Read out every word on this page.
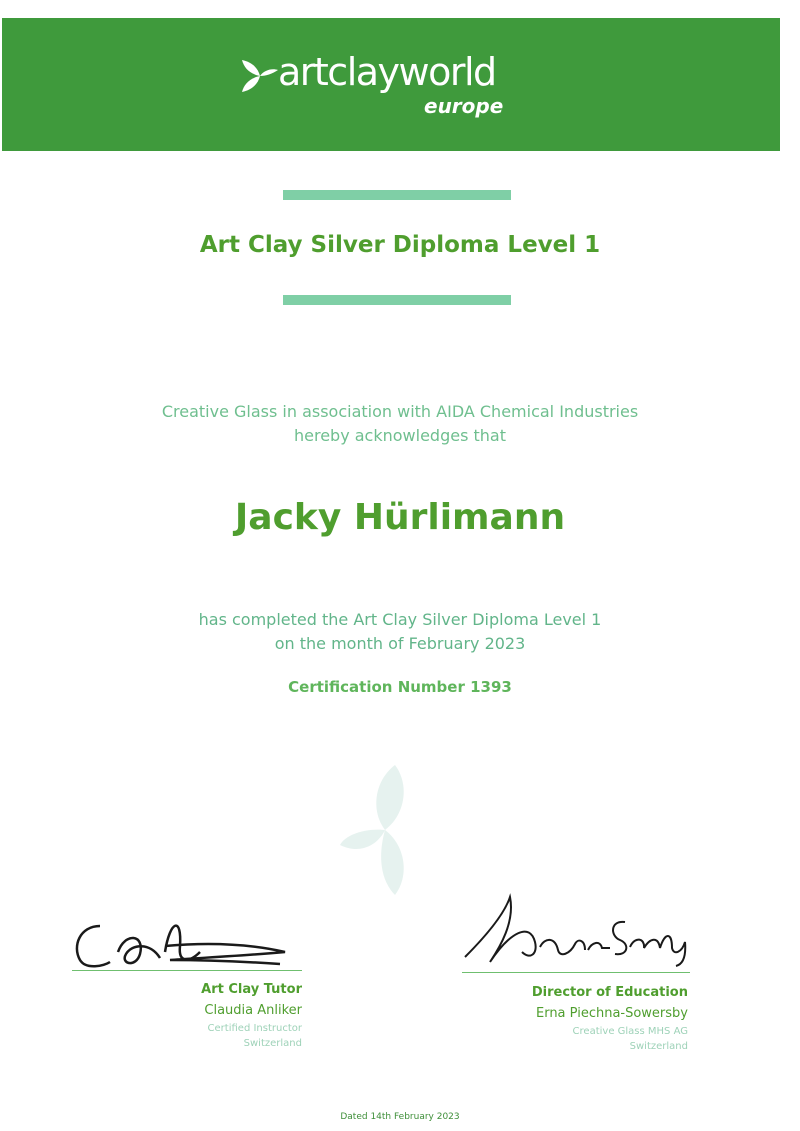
artclayworld
europe
Art Clay Silver Diploma Level 1
Creative Glass in association with AIDA Chemical Industries
hereby acknowledges that
Jacky Hürlimann
has completed the Art Clay Silver Diploma Level 1
on the month of February 2023
Certification Number 1393
Art Clay Tutor
Claudia Anliker
Certified Instructor
Switzerland
Director of Education
Erna Piechna-Sowersby
Creative Glass MHS AG
Switzerland
Dated 14th February 2023
